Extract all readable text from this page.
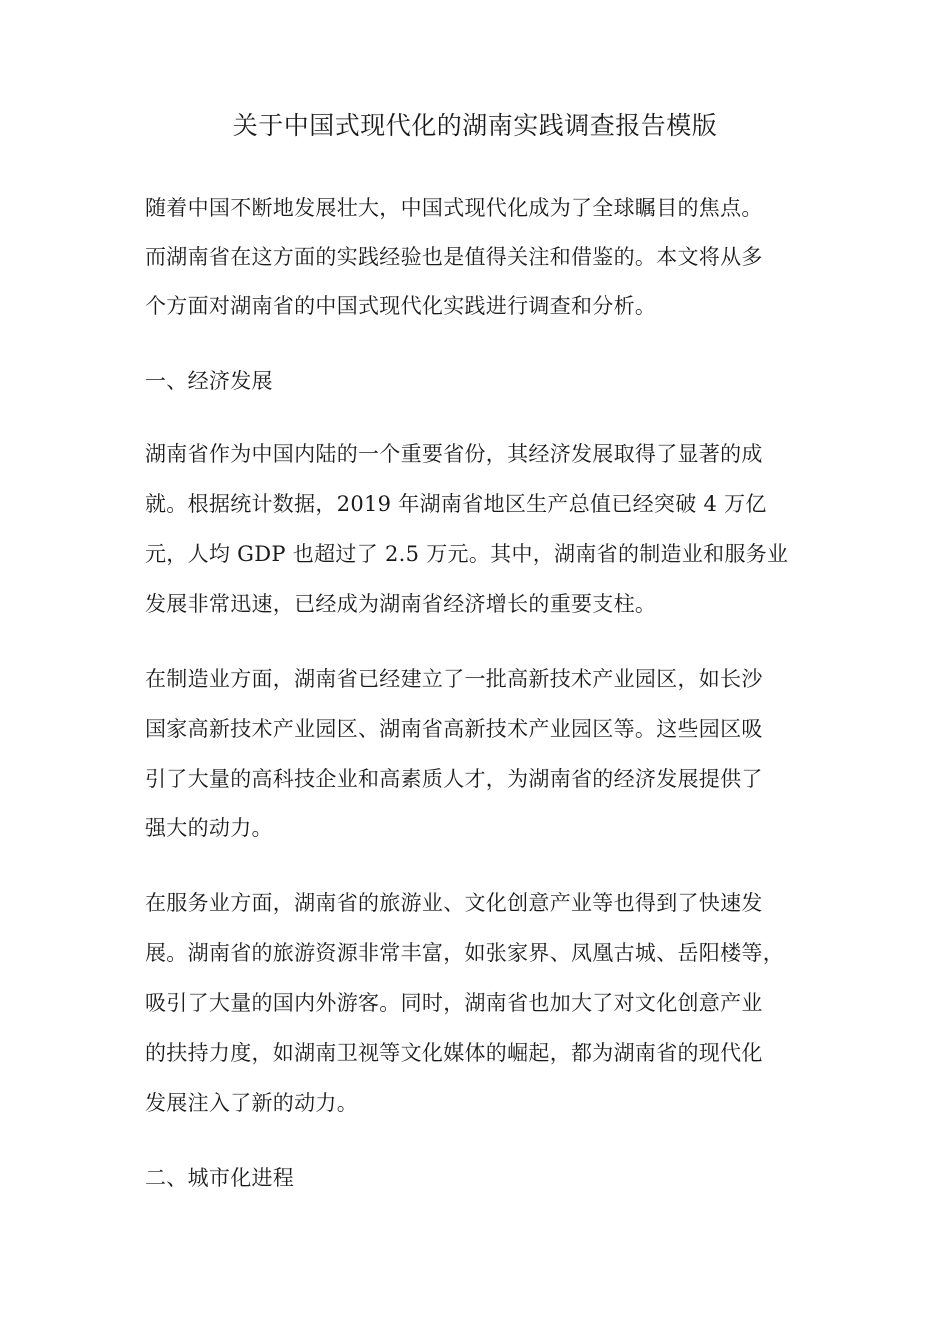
关于中国式现代化的湖南实践调查报告模版
随着中国不断地发展壮大，中国式现代化成为了全球瞩目的焦点。
而湖南省在这方面的实践经验也是值得关注和借鉴的。本文将从多
个方面对湖南省的中国式现代化实践进行调查和分析。
一、经济发展
湖南省作为中国内陆的一个重要省份，其经济发展取得了显著的成
就。根据统计数据，2019 年湖南省地区生产总值已经突破 4 万亿
元，人均 GDP 也超过了 2.5 万元。其中，湖南省的制造业和服务业
发展非常迅速，已经成为湖南省经济增长的重要支柱。
在制造业方面，湖南省已经建立了一批高新技术产业园区，如长沙
国家高新技术产业园区、湖南省高新技术产业园区等。这些园区吸
引了大量的高科技企业和高素质人才，为湖南省的经济发展提供了
强大的动力。
在服务业方面，湖南省的旅游业、文化创意产业等也得到了快速发
展。湖南省的旅游资源非常丰富，如张家界、凤凰古城、岳阳楼等，
吸引了大量的国内外游客。同时，湖南省也加大了对文化创意产业
的扶持力度，如湖南卫视等文化媒体的崛起，都为湖南省的现代化
发展注入了新的动力。
二、城市化进程
